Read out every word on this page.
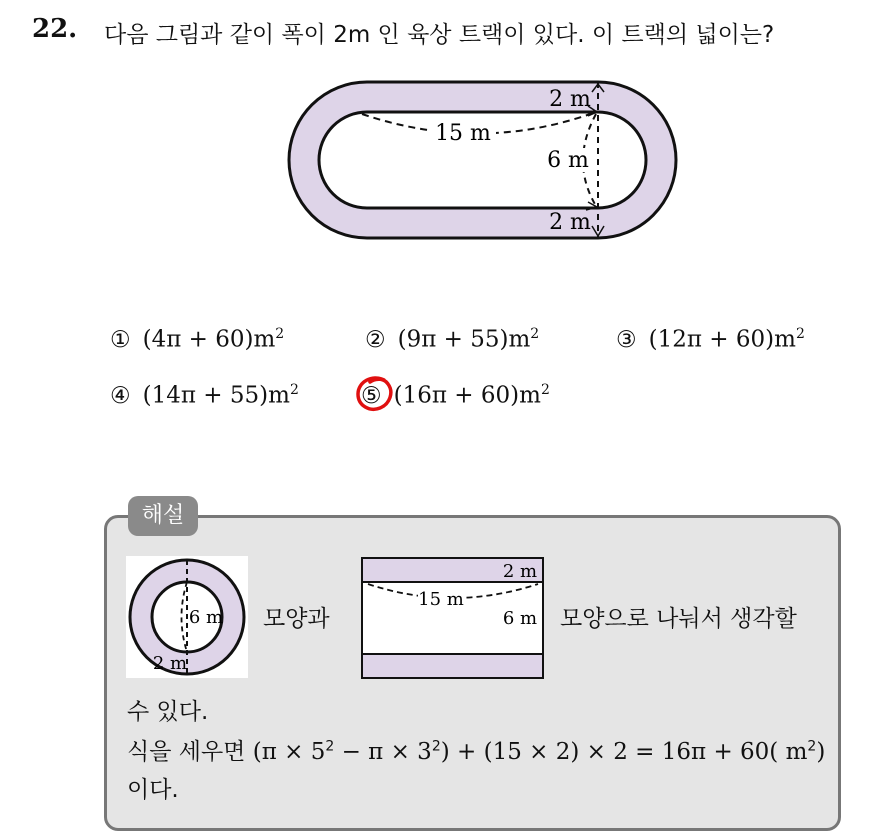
22. 다음 그림과 같이 폭이 2m 인 육상 트랙이 있다. 이 트랙의 넓이는?
15 m
2 m
6 m
2 m
① $(4\pi + 60)m^2$	② $(9\pi + 55)m^2$	③ $(12\pi + 60)m^2$
④ $(14\pi + 55)m^2$	⑤ $(16\pi + 60)m^2$
해설
6 m
2 m
모양과
15 m
2 m
6 m 모양으로 나눠서 생각할
수 있다.
식을 세우면 $(\pi \times 5^2 - \pi \times 3^2) + (15 \times 2) \times 2 = 16\pi + 60$( $m^2$)
이다.
